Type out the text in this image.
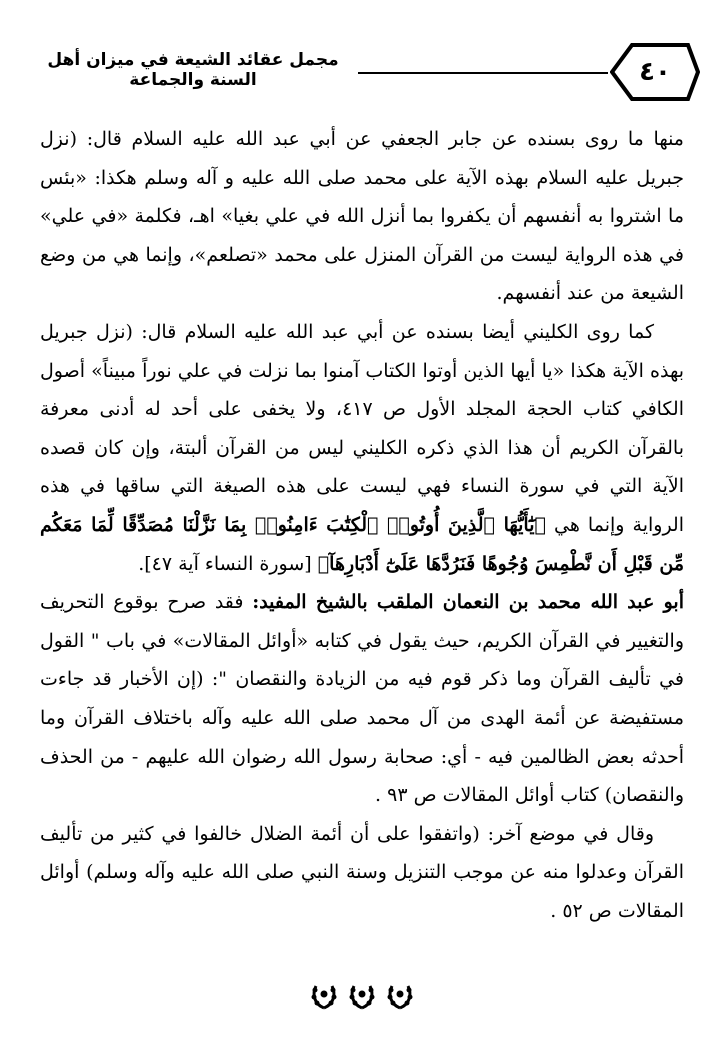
٤٠
مجمل عقائد الشيعة في ميزان أهل السنة والجماعة

منها ما روى بسنده عن جابر الجعفي عن أبي عبد الله عليه السلام قال: (نزل جبريل عليه السلام بهذه الآية على محمد صلى الله عليه و آله وسلم هكذا: «بئس ما اشتروا به أنفسهم أن يكفروا بما أنزل الله في علي بغيا» اهـ، فكلمة «في علي» في هذه الرواية ليست من القرآن المنزل على محمد «تصلعم»، وإنما هي من وضع الشيعة من عند أنفسهم.

كما روى الكليني أيضا بسنده عن أبي عبد الله عليه السلام قال: (نزل جبريل بهذه الآية هكذا «يا أيها الذين أوتوا الكتاب آمنوا بما نزلت في علي نوراً مبيناً» أصول الكافي كتاب الحجة المجلد الأول ص ٤١٧، ولا يخفى على أحد له أدنى معرفة بالقرآن الكريم أن هذا الذي ذكره الكليني ليس من القرآن ألبتة، وإن كان قصده الآية التي في سورة النساء فهي ليست على هذه الصيغة التي ساقها في هذه الرواية وإنما هي ﴿يَٰٓأَيُّهَا ٱلَّذِينَ أُوتُوا۟ ٱلْكِتَٰبَ ءَامِنُوا۟ بِمَا نَزَّلْنَا مُصَدِّقًا لِّمَا مَعَكُم مِّن قَبْلِ أَن نَّطْمِسَ وُجُوهًا فَنَرُدَّهَا عَلَىٰٓ أَدْبَارِهَآ﴾ [سورة النساء آية ٤٧].

أبو عبد الله محمد بن النعمان الملقب بالشيخ المفيد: فقد صرح بوقوع التحريف والتغيير في القرآن الكريم، حيث يقول في كتابه «أوائل المقالات» في باب " القول في تأليف القرآن وما ذكر قوم فيه من الزيادة والنقصان ": (إن الأخبار قد جاءت مستفيضة عن أئمة الهدى من آل محمد صلى الله عليه وآله باختلاف القرآن وما أحدثه بعض الظالمين فيه - أي: صحابة رسول الله رضوان الله عليهم - من الحذف والنقصان) كتاب أوائل المقالات ص ٩٣ .

وقال في موضع آخر: (واتفقوا على أن أئمة الضلال خالفوا في كثير من تأليف القرآن وعدلوا منه عن موجب التنزيل وسنة النبي صلى الله عليه وآله وسلم) أوائل المقالات ص ٥٢ .
